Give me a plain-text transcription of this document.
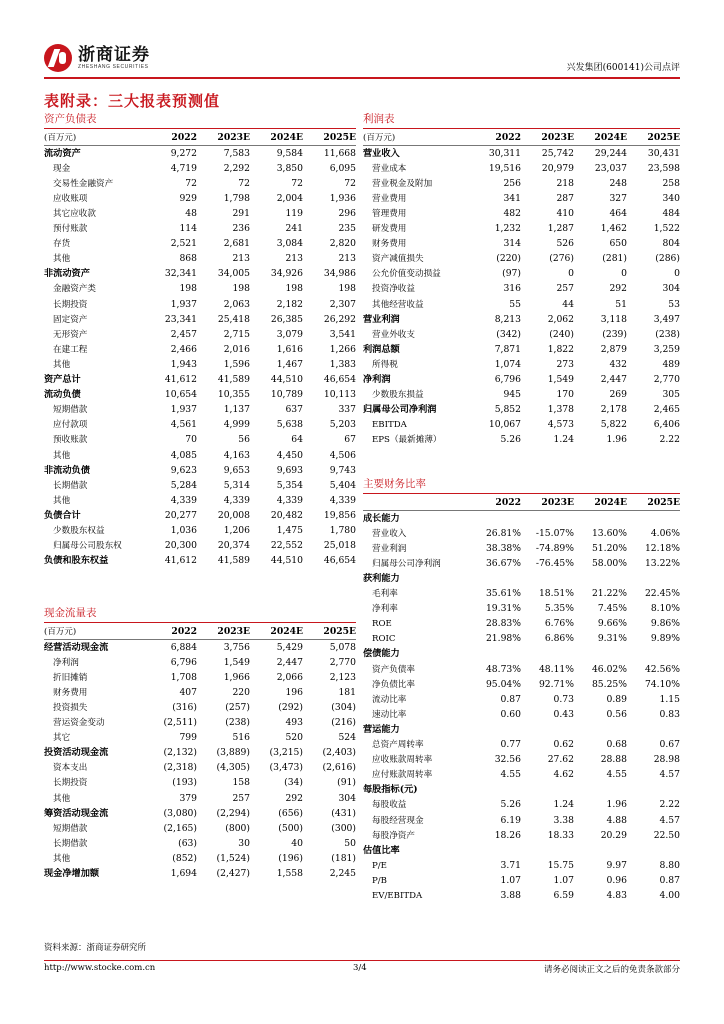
浙商证券
ZHESHANG SECURITIES	兴发集团(600141)公司点评
表附录：三大报表预测值
资产负债表
(百万元)	2022	2023E	2024E	2025E
流动资产	9,272	7,583	9,584	11,668
现金	4,719	2,292	3,850	6,095
交易性金融资产	72	72	72	72
应收账项	929	1,798	2,004	1,936
其它应收款	48	291	119	296
预付账款	114	236	241	235
存货	2,521	2,681	3,084	2,820
其他	868	213	213	213
非流动资产	32,341	34,005	34,926	34,986
金融资产类	198	198	198	198
长期投资	1,937	2,063	2,182	2,307
固定资产	23,341	25,418	26,385	26,292
无形资产	2,457	2,715	3,079	3,541
在建工程	2,466	2,016	1,616	1,266
其他	1,943	1,596	1,467	1,383
资产总计	41,612	41,589	44,510	46,654
流动负债	10,654	10,355	10,789	10,113
短期借款	1,937	1,137	637	337
应付款项	4,561	4,999	5,638	5,203
预收账款	70	56	64	67
其他	4,085	4,163	4,450	4,506
非流动负债	9,623	9,653	9,693	9,743
长期借款	5,284	5,314	5,354	5,404
其他	4,339	4,339	4,339	4,339
负债合计	20,277	20,008	20,482	19,856
少数股东权益	1,036	1,206	1,475	1,780
归属母公司股东权	20,300	20,374	22,552	25,018
负债和股东权益	41,612	41,589	44,510	46,654
现金流量表
(百万元)	2022	2023E	2024E	2025E
经营活动现金流	6,884	3,756	5,429	5,078
净利润	6,796	1,549	2,447	2,770
折旧摊销	1,708	1,966	2,066	2,123
财务费用	407	220	196	181
投资损失	(316)	(257)	(292)	(304)
营运资金变动	(2,511)	(238)	493	(216)
其它	799	516	520	524
投资活动现金流	(2,132)	(3,889)	(3,215)	(2,403)
资本支出	(2,318)	(4,305)	(3,473)	(2,616)
长期投资	(193)	158	(34)	(91)
其他	379	257	292	304
筹资活动现金流	(3,080)	(2,294)	(656)	(431)
短期借款	(2,165)	(800)	(500)	(300)
长期借款	(63)	30	40	50
其他	(852)	(1,524)	(196)	(181)
现金净增加额	1,694	(2,427)	1,558	2,245
利润表
(百万元)	2022	2023E	2024E	2025E
营业收入	30,311	25,742	29,244	30,431
营业成本	19,516	20,979	23,037	23,598
营业税金及附加	256	218	248	258
营业费用	341	287	327	340
管理费用	482	410	464	484
研发费用	1,232	1,287	1,462	1,522
财务费用	314	526	650	804
资产减值损失	(220)	(276)	(281)	(286)
公允价值变动损益	(97)	0	0	0
投资净收益	316	257	292	304
其他经营收益	55	44	51	53
营业利润	8,213	2,062	3,118	3,497
营业外收支	(342)	(240)	(239)	(238)
利润总额	7,871	1,822	2,879	3,259
所得税	1,074	273	432	489
净利润	6,796	1,549	2,447	2,770
少数股东损益	945	170	269	305
归属母公司净利润	5,852	1,378	2,178	2,465
EBITDA	10,067	4,573	5,822	6,406
EPS（最新摊薄）	5.26	1.24	1.96	2.22
主要财务比率
	2022	2023E	2024E	2025E
成长能力				
营业收入	26.81%	-15.07%	13.60%	4.06%
营业利润	38.38%	-74.89%	51.20%	12.18%
归属母公司净利润	36.67%	-76.45%	58.00%	13.22%
获利能力				
毛利率	35.61%	18.51%	21.22%	22.45%
净利率	19.31%	5.35%	7.45%	8.10%
ROE	28.83%	6.76%	9.66%	9.86%
ROIC	21.98%	6.86%	9.31%	9.89%
偿债能力				
资产负债率	48.73%	48.11%	46.02%	42.56%
净负债比率	95.04%	92.71%	85.25%	74.10%
流动比率	0.87	0.73	0.89	1.15
速动比率	0.60	0.43	0.56	0.83
营运能力				
总资产周转率	0.77	0.62	0.68	0.67
应收账款周转率	32.56	27.62	28.88	28.98
应付账款周转率	4.55	4.62	4.55	4.57
每股指标(元)				
每股收益	5.26	1.24	1.96	2.22
每股经营现金	6.19	3.38	4.88	4.57
每股净资产	18.26	18.33	20.29	22.50
估值比率				
P/E	3.71	15.75	9.97	8.80
P/B	1.07	1.07	0.96	0.87
EV/EBITDA	3.88	6.59	4.83	4.00
资料来源：浙商证券研究所
http://www.stocke.com.cn	3/4	请务必阅读正文之后的免责条款部分
